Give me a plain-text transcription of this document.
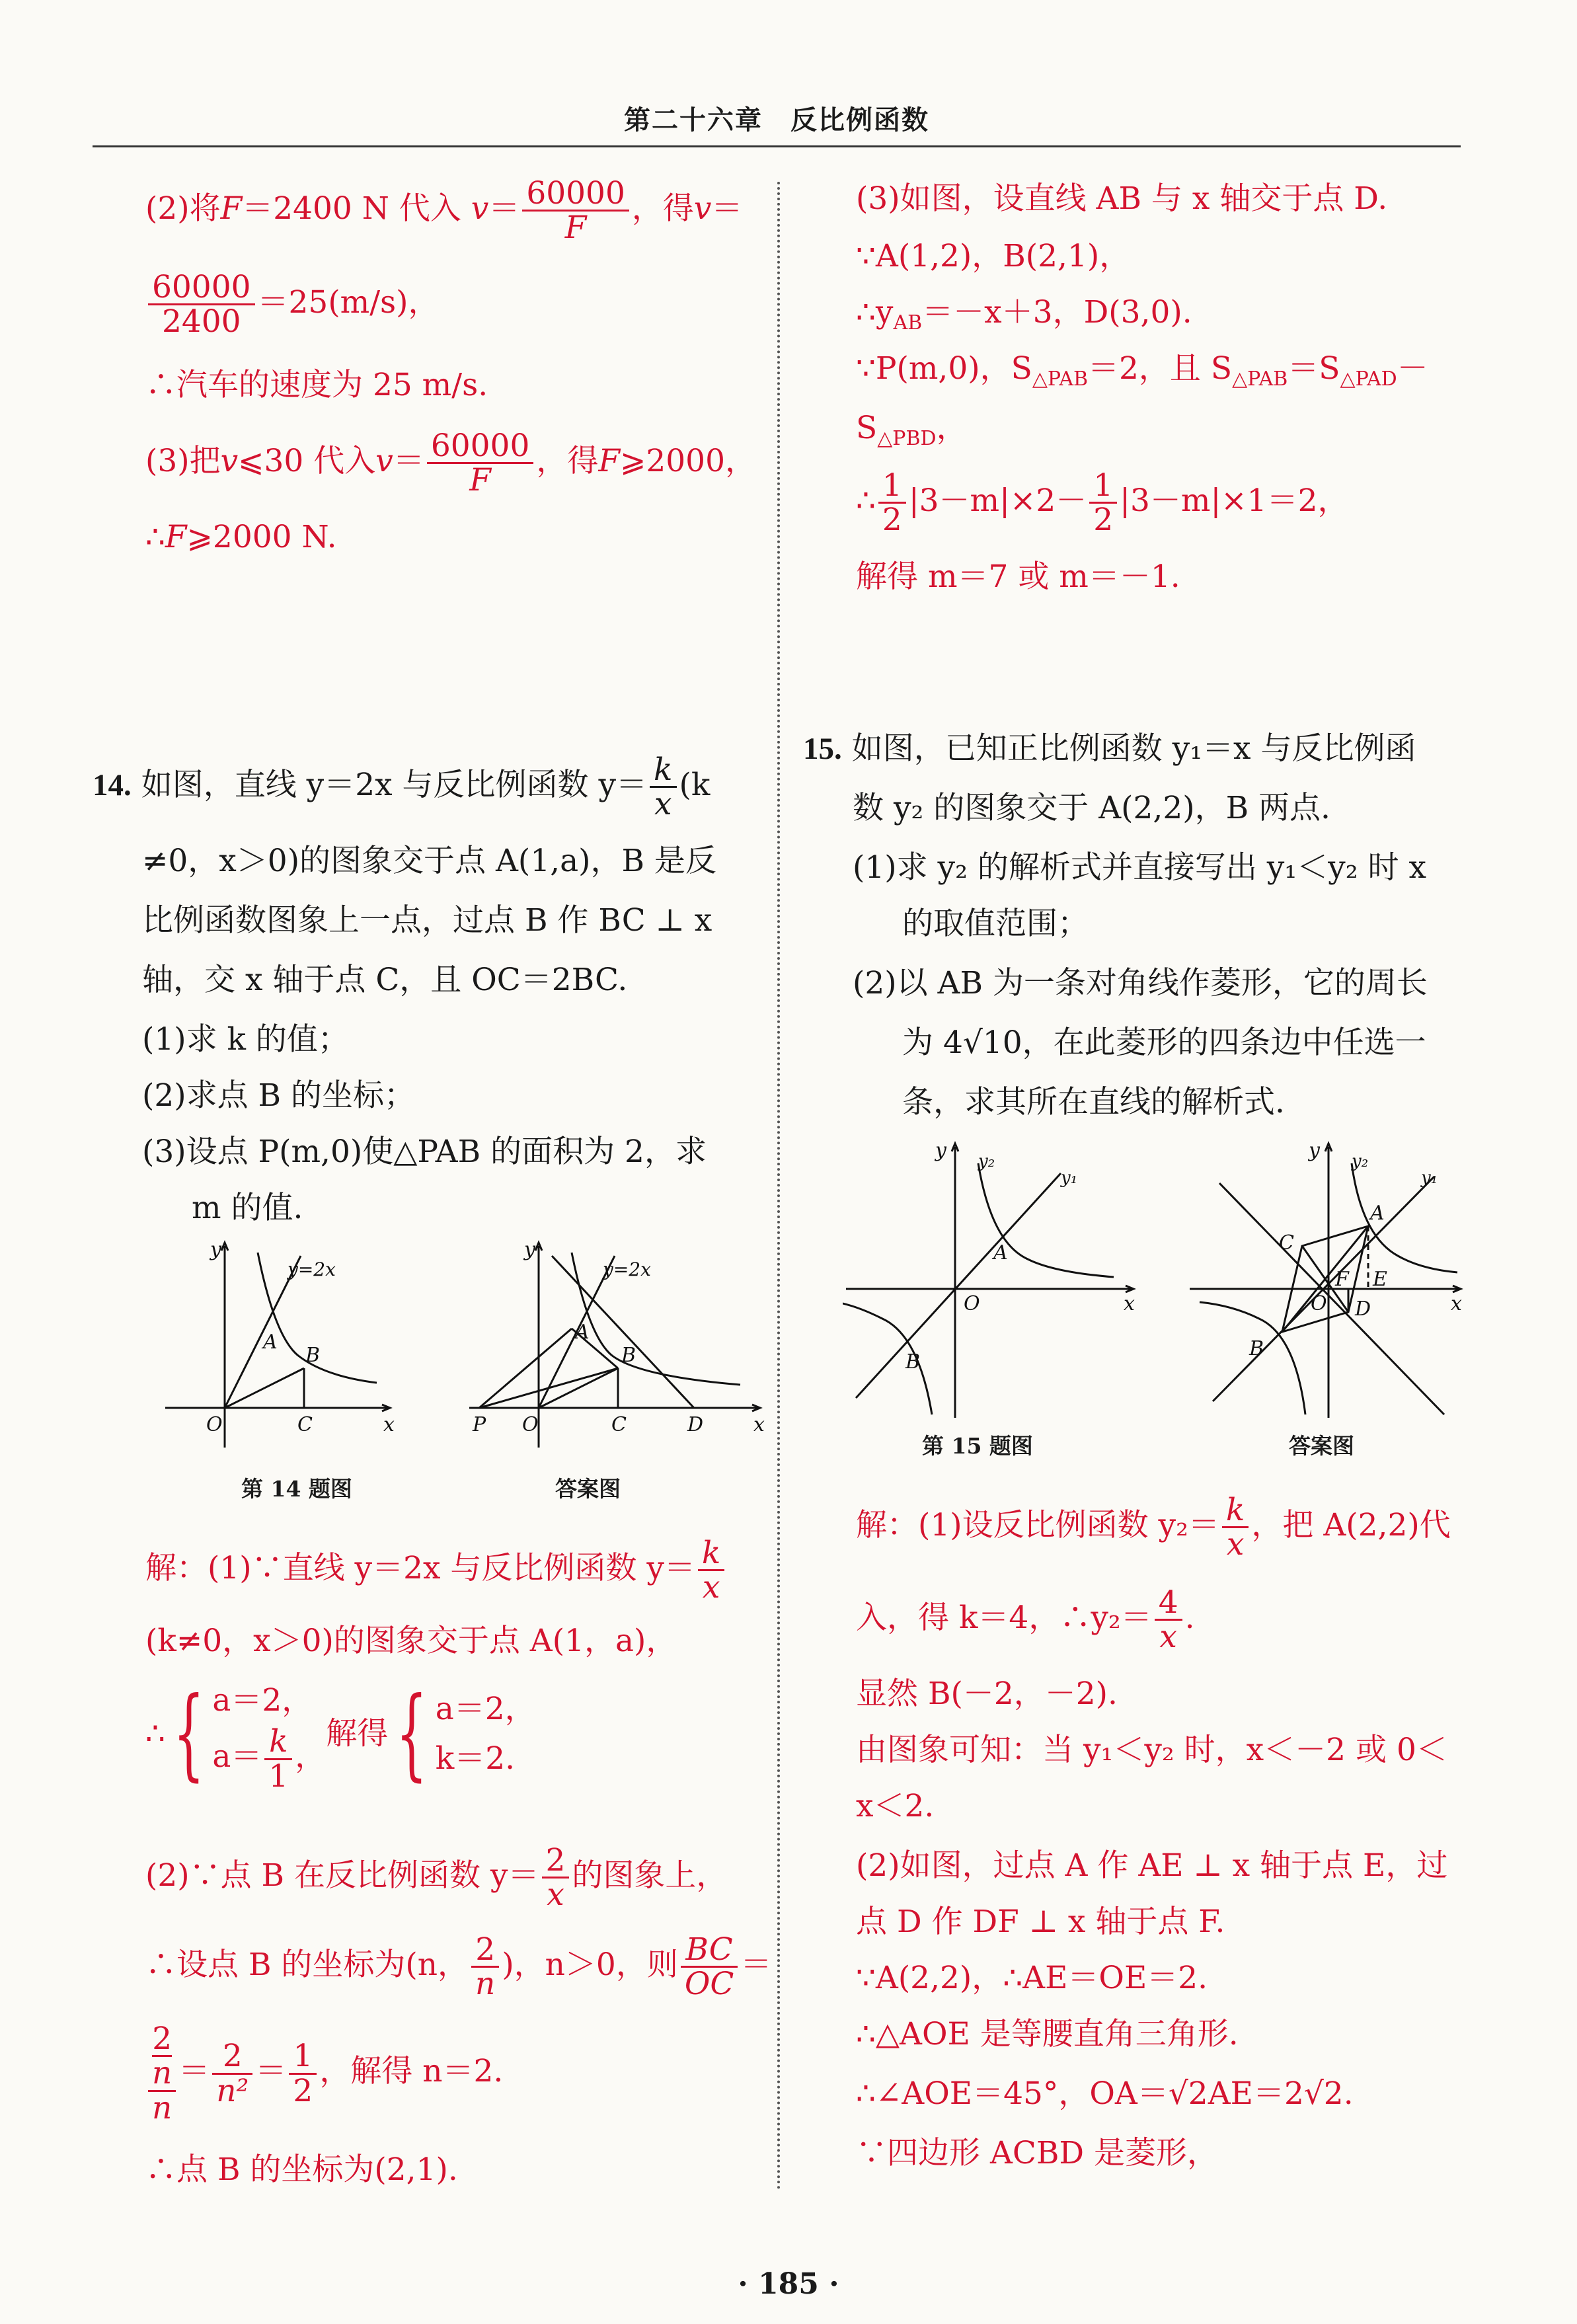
第二十六章　反比例函数
(2)将F＝2400 N 代入 $v= \frac{60000}{F}$ ，得v＝
$\frac{60000}{2400} =25(m/s)$，
∴汽车的速度为 25 m/s.
(3)把v⩽30 代入$v= \frac{60000}{F}$ ，得F⩾2000，
∴F⩾2000 N.
14. 如图，直线 y＝2x 与反比例函数 $y= \frac{k}{x} (k$
≠0，x＞0)的图象交于点 A(1,a)，B 是反
比例函数图象上一点，过点 B 作 BC ⊥ x
轴，交 x 轴于点 C，且 OC＝2BC.
(1)求 k 的值；
(2)求点 B 的坐标；
(3)设点 P(m,0)使△PAB 的面积为 2，求
m 的值.
y
x
O
A
B
C
y=2x
第 14 题图
y
x
O
P
A
B
C	D
y=2x
答案图
解：(1)∵直线 y＝2x 与反比例函数 $y= \frac{k}{x}$
(k≠0，x＞0)的图象交于点 A(1，a)，
∴{ a＝2，
$a= \frac{k}{1}$ ，
解得{ a＝2，
k＝2.
(2)∵点 B 在反比例函数 $y= \frac{2}{x}$ 的图象上，
∴设点 B 的坐标为(n， $\frac{2}{n}$ )，n＞0，则 $\frac{BC}{OC}$ ＝
2
n
$n = \frac{2}{\text{n²}} = \frac{1}{2}$ ，解得 n＝2.
∴点 B 的坐标为(2,1).
(3)如图，设直线 AB 与 x 轴交于点 D.
∵A(1,2)，B(2,1)，
$\therefore y_{AB}=-x+3$，D(3,0).
∵P(m,0)，$S_{\triangle PAB}=2$，且 $S_{\triangle PAB}=S_{\triangle PAD}-$
$S_{\triangle PBD}$，
∴ $\frac{1}{2} |3-m|\times 2- \frac{1}{2} |3-m|\times 1=2$，
解得 m＝7 或 m＝－1.
15. 如图，已知正比例函数 y₁＝x 与反比例函
数 y₂ 的图象交于 A(2,2)，B 两点.
(1)求 y₂ 的解析式并直接写出 y₁＜y₂ 时 x
的取值范围；
(2)以 AB 为一条对角线作菱形，它的周长
为 4√10，在此菱形的四条边中任选一
条，求其所在直线的解析式.
y
x
O
A
B
y₁
y₂
第 15 题图
y
x
O
A
B
C
D
E
F
y₁
y₂
答案图
解：(1)设反比例函数 $y_2= \frac{k}{x}$ ，把 A(2,2)代
入，得 k＝4，∴y₂＝ $\frac{4}{x}$ .
显然 B(－2，－2).
由图象可知：当 y₁＜y₂ 时，x＜－2 或 0＜
x＜2.
(2)如图，过点 A 作 AE ⊥ x 轴于点 E，过
点 D 作 DF ⊥ x 轴于点 F.
∵A(2,2)，∴AE＝OE＝2.
∴△AOE 是等腰直角三角形.
∴∠AOE＝45°，OA＝√2AE＝2√2.
∵四边形 ACBD 是菱形，
· 185 ·
